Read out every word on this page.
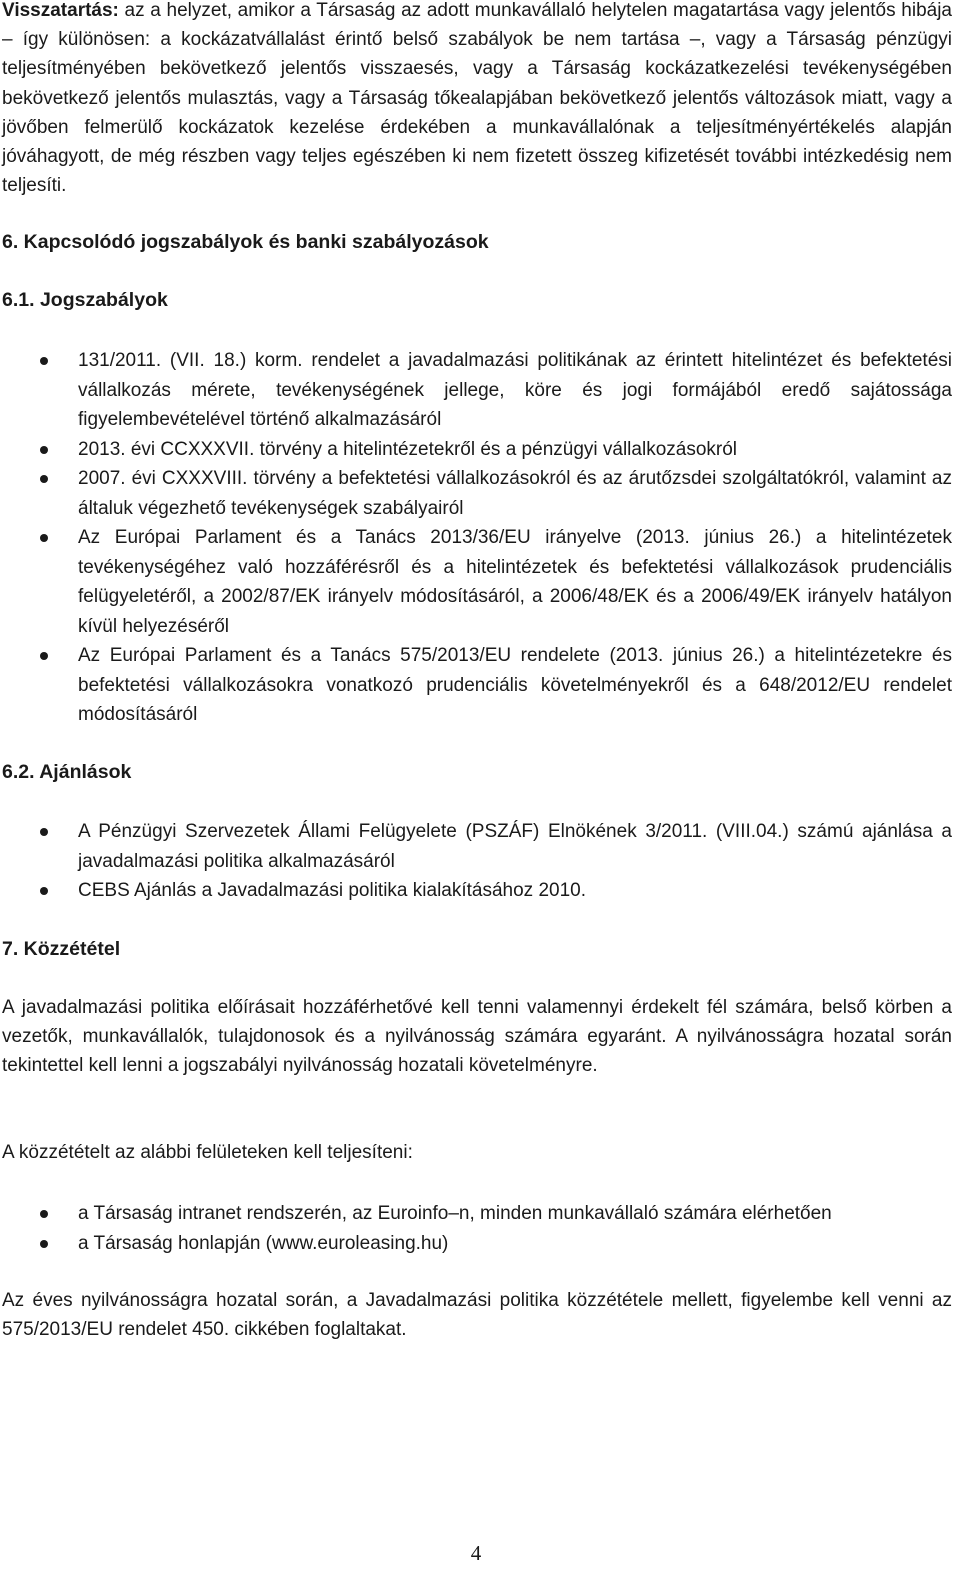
Visszatartás: az a helyzet, amikor a Társaság az adott munkavállaló helytelen magatartása vagy jelentős hibája – így különösen: a kockázatvállalást érintő belső szabályok be nem tartása –, vagy a Társaság pénzügyi teljesítményében bekövetkező jelentős visszaesés, vagy a Társaság kockázatkezelési tevékenységében bekövetkező jelentős mulasztás, vagy a Társaság tőkealapjában bekövetkező jelentős változások miatt, vagy a jövőben felmerülő kockázatok kezelése érdekében a munkavállalónak a teljesítményértékelés alapján jóváhagyott, de még részben vagy teljes egészében ki nem fizetett összeg kifizetését további intézkedésig nem teljesíti.

6. Kapcsolódó jogszabályok és banki szabályozások
6.1. Jogszabályok
131/2011. (VII. 18.) korm. rendelet a javadalmazási politikának az érintett hitelintézet és befektetési vállalkozás mérete, tevékenységének jellege, köre és jogi formájából eredő sajátossága figyelembevételével történő alkalmazásáról
2013. évi CCXXXVII. törvény a hitelintézetekről és a pénzügyi vállalkozásokról
2007. évi CXXXVIII. törvény a befektetési vállalkozásokról és az árutőzsdei szolgáltatókról, valamint az általuk végezhető tevékenységek szabályairól
Az Európai Parlament és a Tanács 2013/36/EU irányelve (2013. június 26.) a hitelintézetek tevékenységéhez való hozzáférésről és a hitelintézetek és befektetési vállalkozások prudenciális felügyeletéről, a 2002/87/EK irányelv módosításáról, a 2006/48/EK és a 2006/49/EK irányelv hatályon kívül helyezéséről
Az Európai Parlament és a Tanács 575/2013/EU rendelete (2013. június 26.) a hitelintézetekre és befektetési vállalkozásokra vonatkozó prudenciális követelményekről és a 648/2012/EU rendelet módosításáról
6.2. Ajánlások
A Pénzügyi Szervezetek Állami Felügyelete (PSZÁF) Elnökének 3/2011. (VIII.04.) számú ajánlása a javadalmazási politika alkalmazásáról
CEBS Ajánlás a Javadalmazási politika kialakításához 2010.
7. Közzététel

A javadalmazási politika előírásait hozzáférhetővé kell tenni valamennyi érdekelt fél számára, belső körben a vezetők, munkavállalók, tulajdonosok és a nyilvánosság számára egyaránt. A nyilvánosságra hozatal során tekintettel kell lenni a jogszabályi nyilvánosság hozatali követelményre.

A közzétételt az alábbi felületeken kell teljesíteni:

a Társaság intranet rendszerén, az Euroinfo–n, minden munkavállaló számára elérhetően
a Társaság honlapján (www.euroleasing.hu)

Az éves nyilvánosságra hozatal során, a Javadalmazási politika közzététele mellett, figyelembe kell venni az 575/2013/EU rendelet 450. cikkében foglaltakat.

4
